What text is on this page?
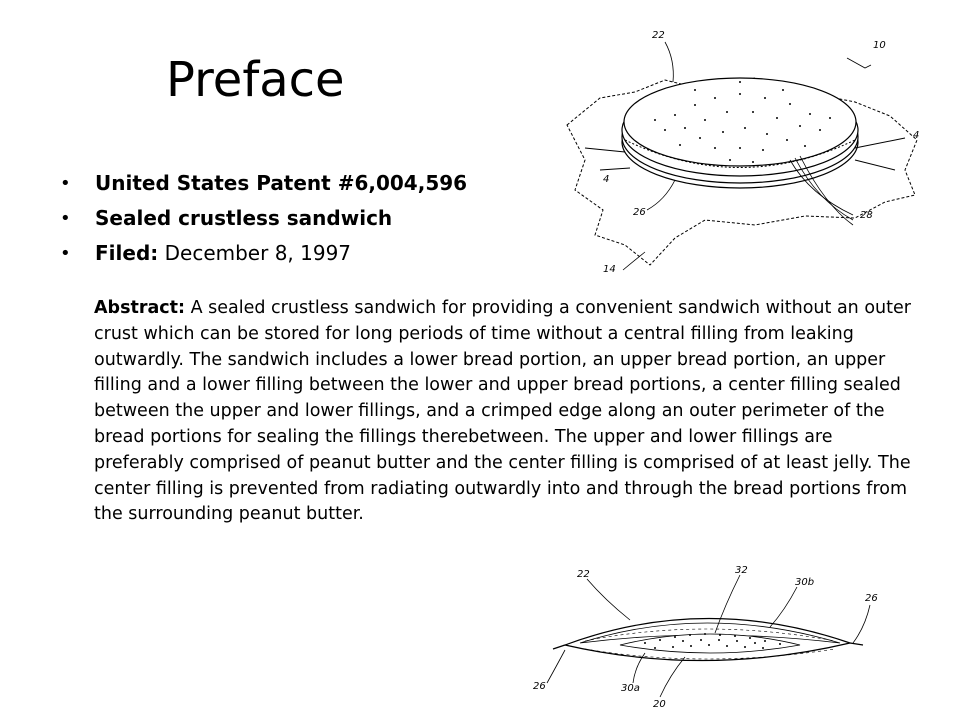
Preface
• United States Patent #6,004,596
• Sealed crustless sandwich
• Filed: December 8, 1997

Abstract: A sealed crustless sandwich for providing a convenient sandwich without an outer crust which can be stored for long periods of time without a central filling from leaking outwardly. The sandwich includes a lower bread portion, an upper bread portion, an upper filling and a lower filling between the lower and upper bread portions, a center filling sealed between the upper and lower fillings, and a crimped edge along an outer perimeter of the bread portions for sealing the fillings therebetween. The upper and lower fillings are preferably comprised of peanut butter and the center filling is comprised of at least jelly. The center filling is prevented from radiating outwardly into and through the bread portions from the surrounding peanut butter.

22
10
4
4
26	28
14
22	32
30b
26
26	30a
20
